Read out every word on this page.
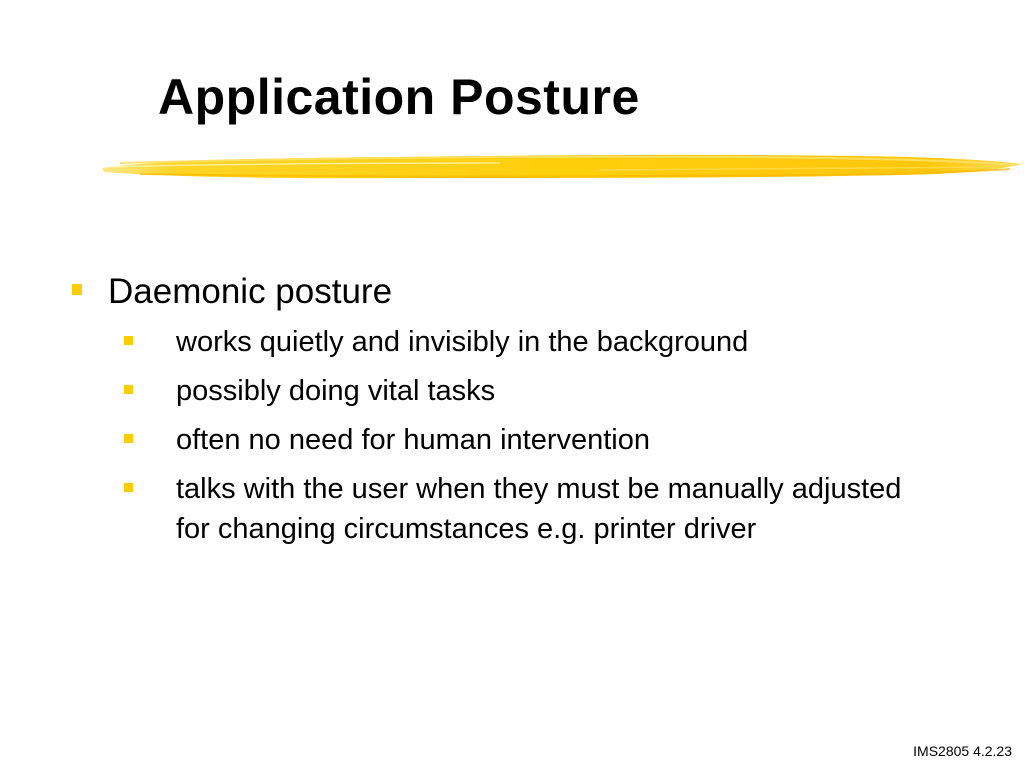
Application Posture
Daemonic posture
works quietly and invisibly in the background
possibly doing vital tasks
often no need for human intervention
talks with the user when they must be manually adjusted for changing circumstances e.g. printer driver
IMS2805 4.2.23
